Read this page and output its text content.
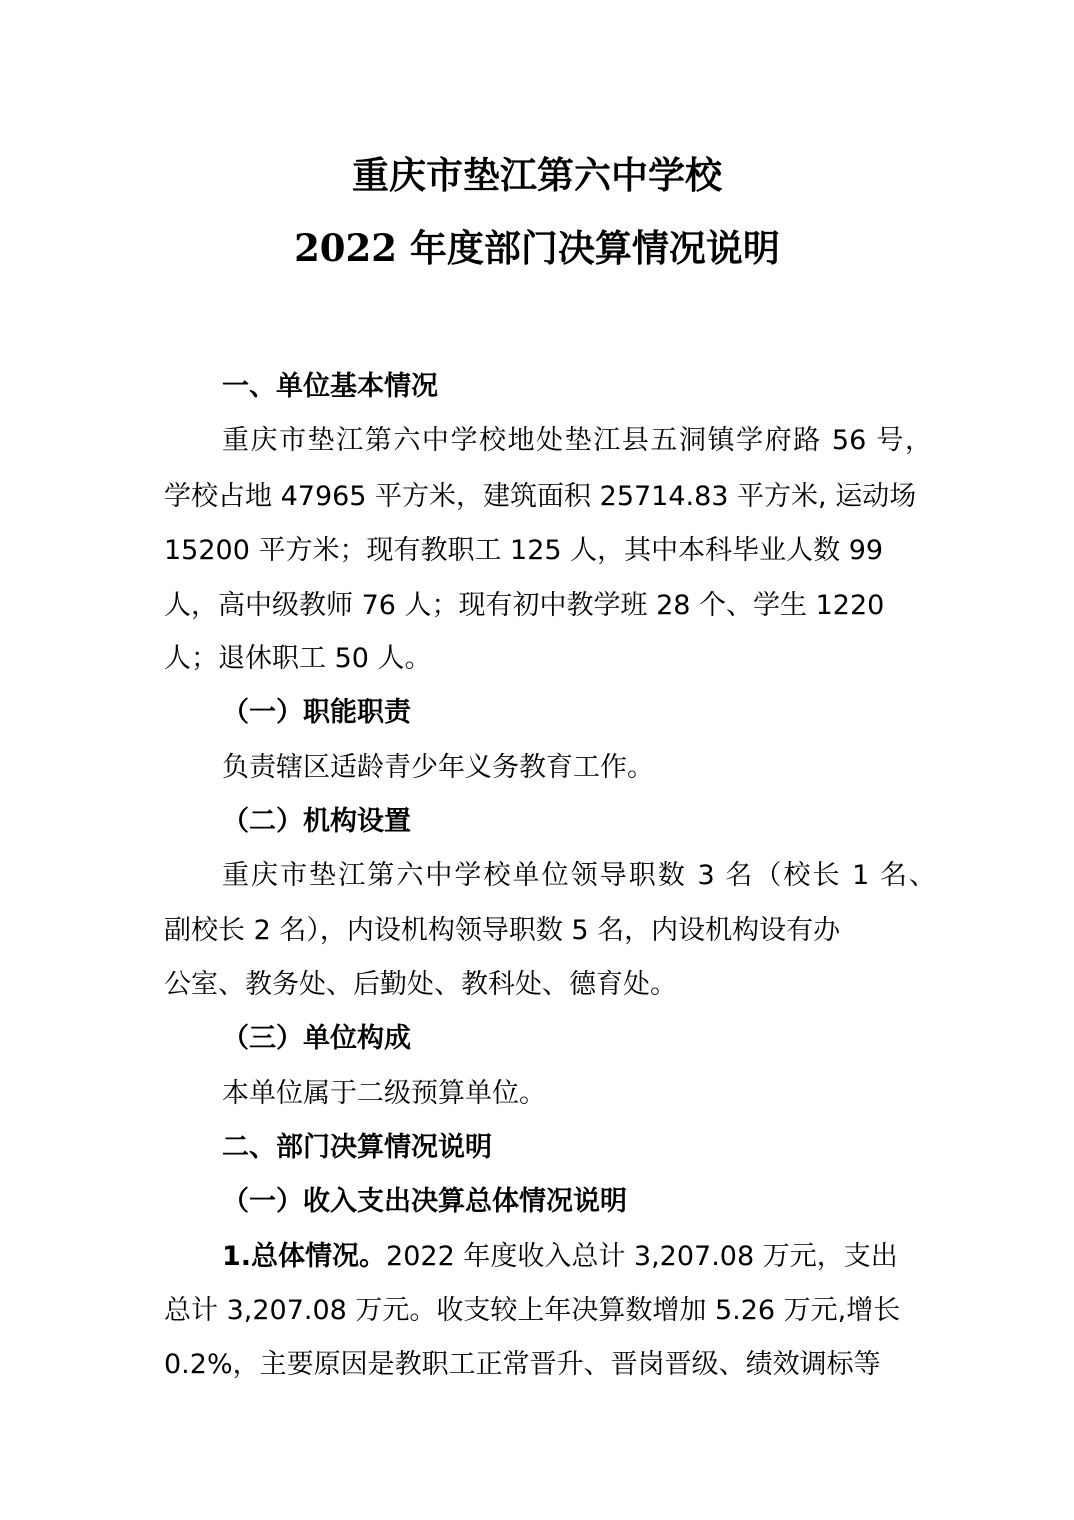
重庆市垫江第六中学校
2022 年度部门决算情况说明
一、单位基本情况
重庆市垫江第六中学校地处垫江县五洞镇学府路 56 号，
学校占地 47965 平方米，建筑面积 25714.83 平方米, 运动场
15200 平方米；现有教职工 125 人，其中本科毕业人数 99
人，高中级教师 76 人；现有初中教学班 28 个、学生 1220
人；退休职工 50 人。
（一）职能职责
负责辖区适龄青少年义务教育工作。
（二）机构设置
重庆市垫江第六中学校单位领导职数 3 名（校长 1 名、
副校长 2 名），内设机构领导职数 5 名，内设机构设有办
公室、教务处、后勤处、教科处、德育处。
（三）单位构成
本单位属于二级预算单位。
二、部门决算情况说明
（一）收入支出决算总体情况说明
1.总体情况。2022 年度收入总计 3,207.08 万元，支出
总计 3,207.08 万元。收支较上年决算数增加 5.26 万元,增长
0.2%，主要原因是教职工正常晋升、晋岗晋级、绩效调标等
